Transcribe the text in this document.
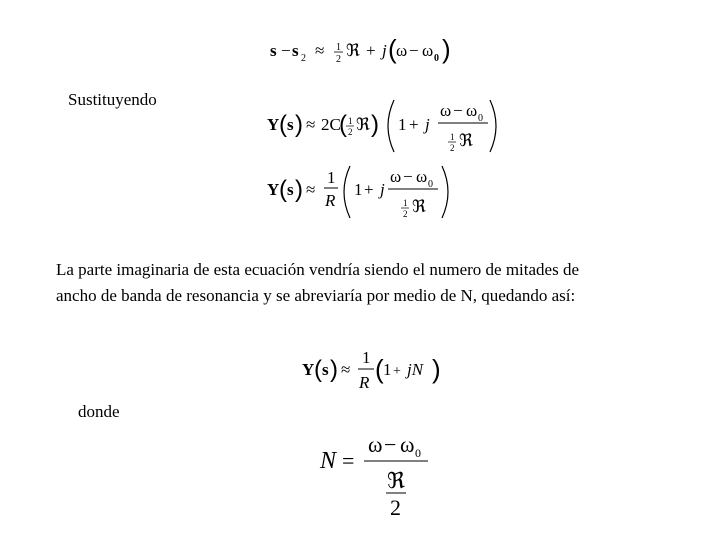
s − s 2 ≈ 1
2 ℜ + j ( ω − ω 0 )
Sustituyendo
Y ( s ) ≈ 2C
( 1
2 ℜ ) 1 + j
ω − ω 0
1
2 ℜ
Y ( s ) ≈
1
R
1 + j
ω − ω 0
1
2 ℜ
La parte imaginaria de esta ecuación vendría siendo el numero de mitades de
ancho de banda de resonancia y se abreviaría por medio de N, quedando así:
Y ( s ) ≈
1
R ( 1 + jN )
donde
N =
ω − ω 0
ℜ
2
